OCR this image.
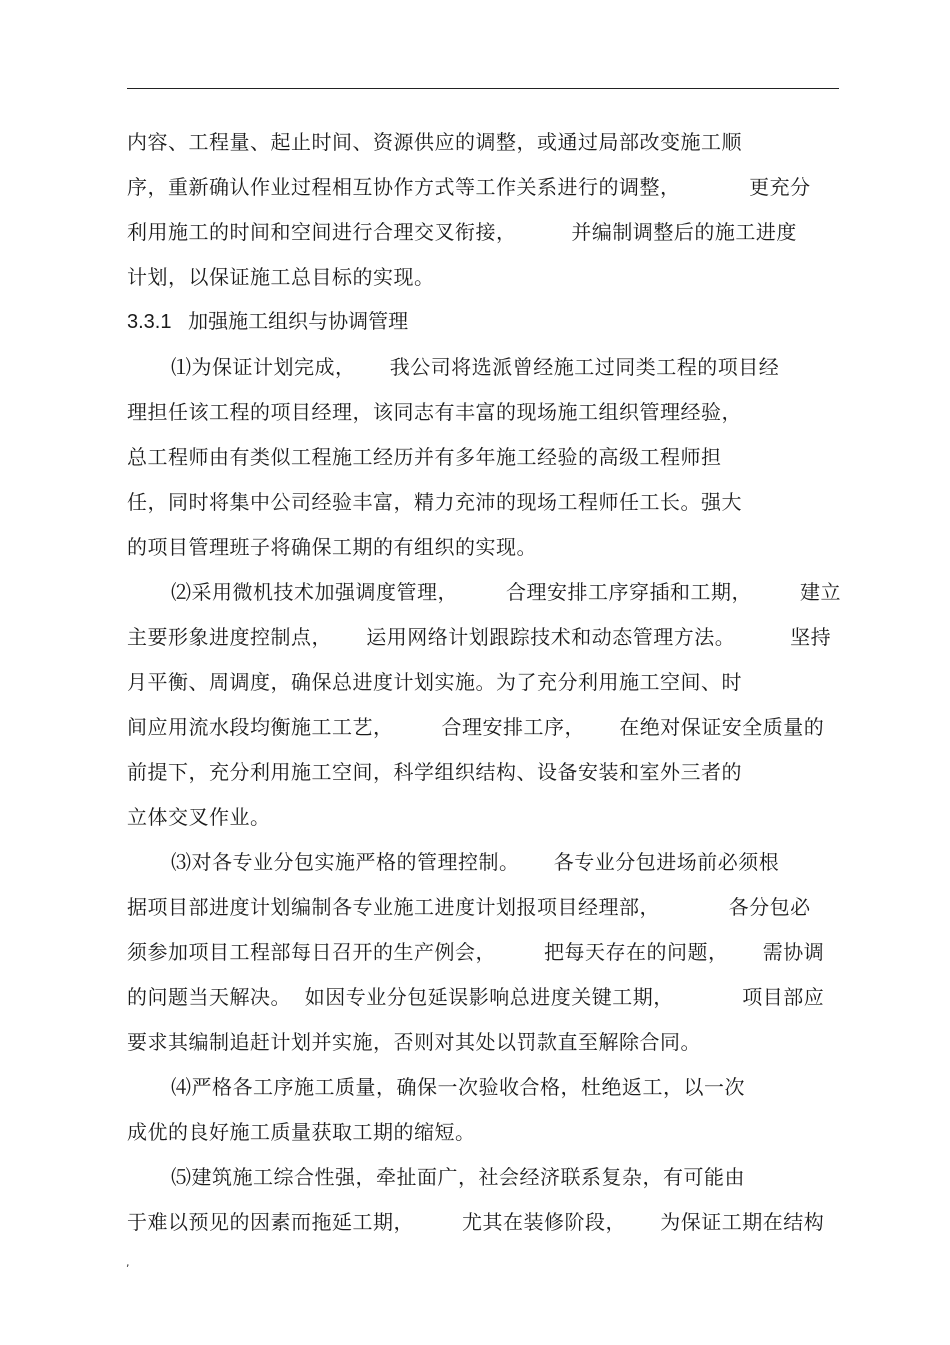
内容、工程量、起止时间、资源供应的调整，或通过局部改变施工顺
序，重新确认作业过程相互协作方式等工作关系进行的调整，          更充分
利用施工的时间和空间进行合理交叉衔接，        并编制调整后的施工进度
计划，以保证施工总目标的实现。
3.3.1   加强施工组织与协调管理
⑴为保证计划完成，     我公司将选派曾经施工过同类工程的项目经
理担任该工程的项目经理，该同志有丰富的现场施工组织管理经验，
总工程师由有类似工程施工经历并有多年施工经验的高级工程师担
任，同时将集中公司经验丰富，精力充沛的现场工程师任工长。强大
的项目管理班子将确保工期的有组织的实现。
⑵采用微机技术加强调度管理，       合理安排工序穿插和工期，       建立
主要形象进度控制点，     运用网络计划跟踪技术和动态管理方法。        坚持
月平衡、周调度，确保总进度计划实施。为了充分利用施工空间、时
间应用流水段均衡施工工艺，       合理安排工序，     在绝对保证安全质量的
前提下，充分利用施工空间，科学组织结构、设备安装和室外三者的
立体交叉作业。
⑶对各专业分包实施严格的管理控制。     各专业分包进场前必须根
据项目部进度计划编制各专业施工进度计划报项目经理部，          各分包必
须参加项目工程部每日召开的生产例会，       把每天存在的问题，     需协调
的问题当天解决。  如因专业分包延误影响总进度关键工期，          项目部应
要求其编制追赶计划并实施，否则对其处以罚款直至解除合同。
⑷严格各工序施工质量，确保一次验收合格，杜绝返工，以一次
成优的良好施工质量获取工期的缩短。
⑸建筑施工综合性强，牵扯面广，社会经济联系复杂，有可能由
于难以预见的因素而拖延工期，       尤其在装修阶段，     为保证工期在结构
,
